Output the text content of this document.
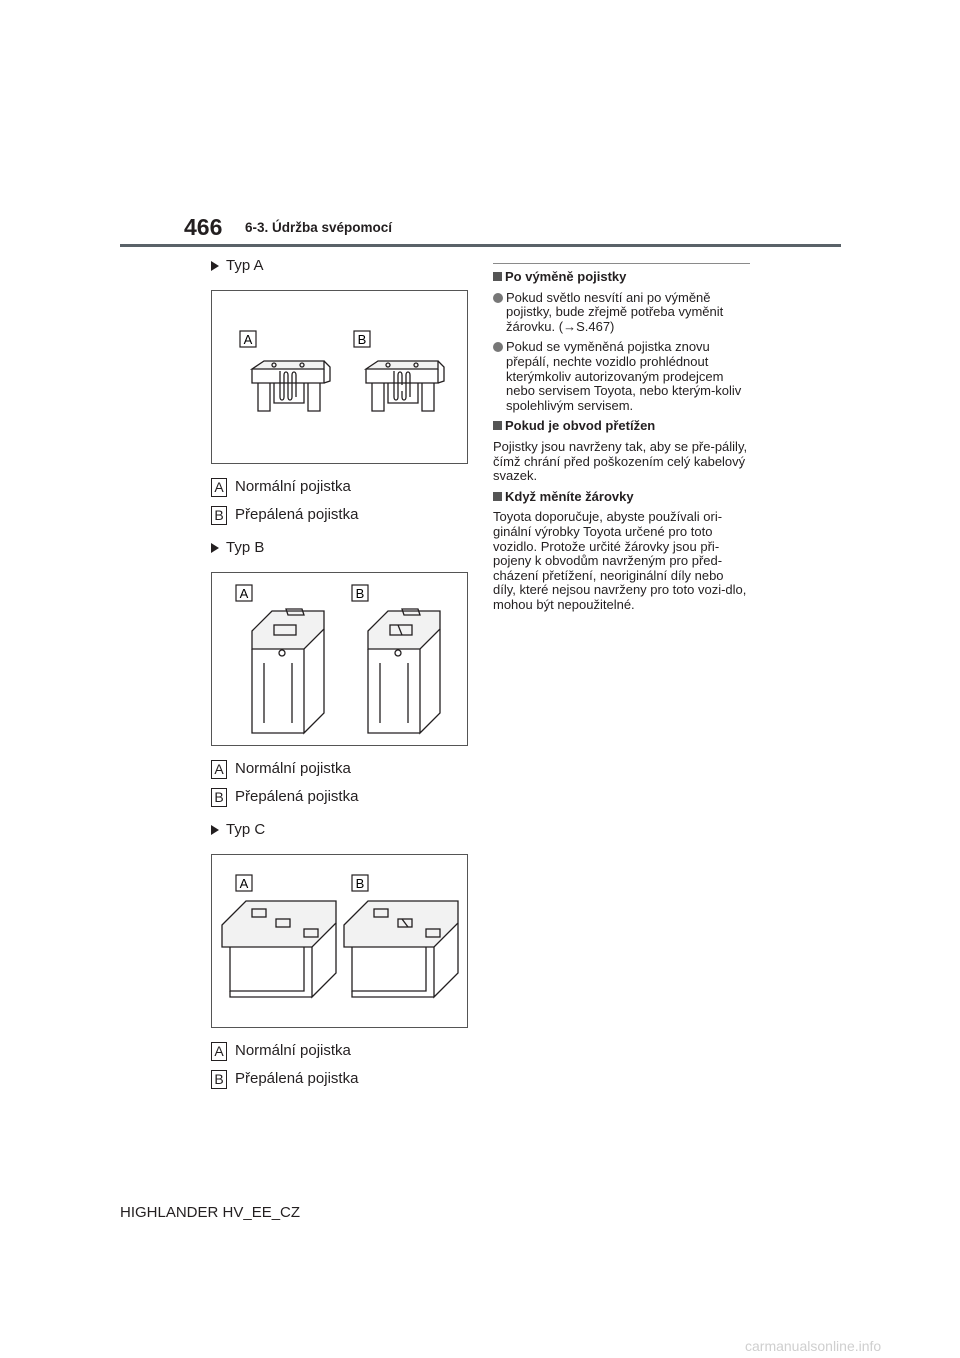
466 6-3. Údržba svépomocí
Typ A
A	B
A Normální pojistka
B Přepálená pojistka
Typ B
A	B
A Normální pojistka
B Přepálená pojistka
Typ C
A	B
A Normální pojistka
B Přepálená pojistka
Po výměně pojistky
Pokud světlo nesvítí ani po výměně pojistky, bude zřejmě potřeba vyměnit žárovku. (→S.467)
Pokud se vyměněná pojistka znovu přepálí, nechte vozidlo prohlédnout kterýmkoliv autorizovaným prodejcem nebo servisem Toyota, nebo kterým-koliv spolehlivým servisem.
Pokud je obvod přetížen
Pojistky jsou navrženy tak, aby se pře-pálily, čímž chrání před poškozením celý kabelový svazek.
Když měníte žárovky
Toyota doporučuje, abyste používali ori-ginální výrobky Toyota určené pro toto vozidlo. Protože určité žárovky jsou při-pojeny k obvodům navrženým pro před-cházení přetížení, neoriginální díly nebo díly, které nejsou navrženy pro toto vozi-dlo, mohou být nepoužitelné.
HIGHLANDER HV_EE_CZ
carmanualsonline.info
